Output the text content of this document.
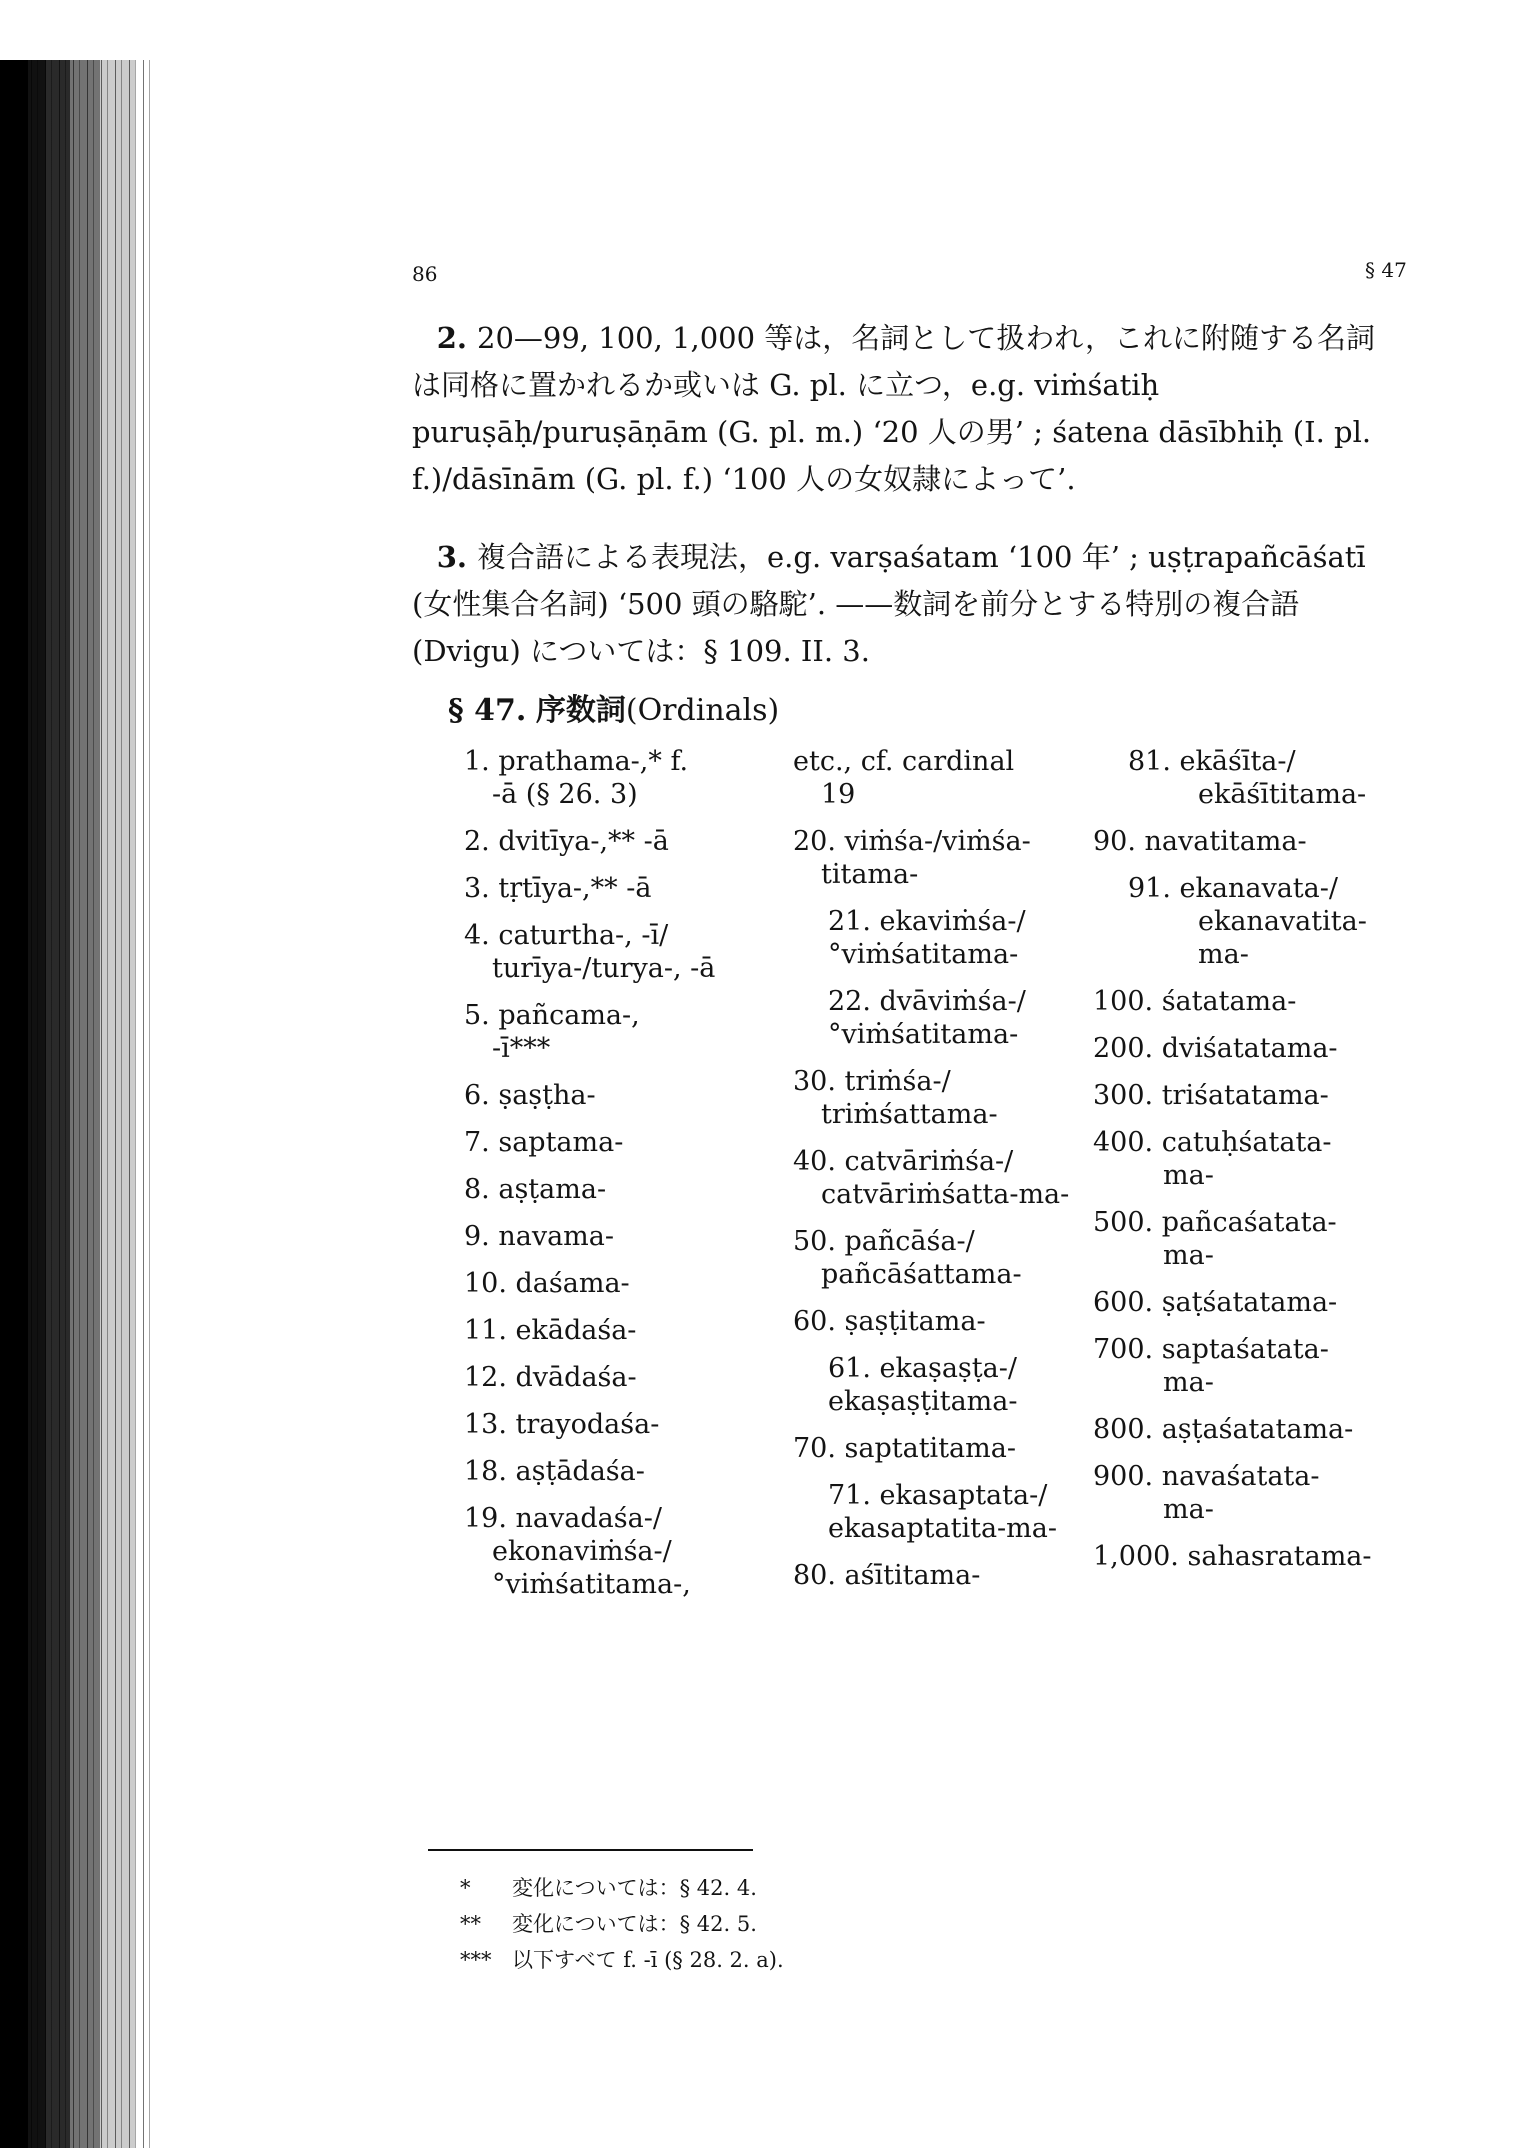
86	§ 47
2. 20—99, 100, 1,000 等は，名詞として扱われ，これに附随する名詞は同格に置かれるか或いは G. pl. に立つ，e.g. viṁśatiḥ puruṣāḥ/puruṣāṇām (G. pl. m.) ‘20 人の男’ ; śatena dāsībhiḥ (I. pl. f.)/dāsīnām (G. pl. f.) ‘100 人の女奴隷によって’.
3. 複合語による表現法，e.g. varṣaśatam ‘100 年’ ; uṣṭrapañcāśatī (女性集合名詞) ‘500 頭の駱駝’. ——数詞を前分とする特別の複合語 (Dvigu) については：§ 109. II. 3.
§ 47. 序数詞(Ordinals)
1. prathama-,* f.
-ā (§ 26. 3)
2. dvitīya-,** -ā
3. tṛtīya-,** -ā
4. caturtha-, -ī/
turīya-/turya-, -ā
5. pañcama-,
-ī***
6. ṣaṣṭha-
7. saptama-
8. aṣṭama-
9. navama-
10. daśama-
11. ekādaśa-
12. dvādaśa-
13. trayodaśa-
18. aṣṭādaśa-
19. navadaśa-/
ekonaviṁśa-/ °viṁśatitama-,
etc., cf. cardinal
19
20. viṁśa-/viṁśa-
titama-
21. ekaviṁśa-/
°viṁśatitama-
22. dvāviṁśa-/
°viṁśatitama-
30. triṁśa-/
triṁśattama-
40. catvāriṁśa-/
catvāriṁśatta-ma-
50. pañcāśa-/
pañcāśattama-
60. ṣaṣṭitama-
61. ekaṣaṣṭa-/
ekaṣaṣṭitama-
70. saptatitama-
71. ekasaptata-/
ekasaptatita-ma-
80. aśītitama-
81. ekāśīta-/
ekāśītitama-
90. navatitama-
91. ekanavata-/
ekanavatita-ma-
100. śatatama-
200. dviśatatama-
300. triśatatama-
400. catuḥśatata-
ma-
500. pañcaśatata-
ma-
600. ṣaṭśatatama-
700. saptaśatata-
ma-
800. aṣṭaśatatama-
900. navaśatata-
ma-
1,000. sahasratama-
* 変化については：§ 42. 4.
** 変化については：§ 42. 5.
*** 以下すべて f. -ī (§ 28. 2. a).
